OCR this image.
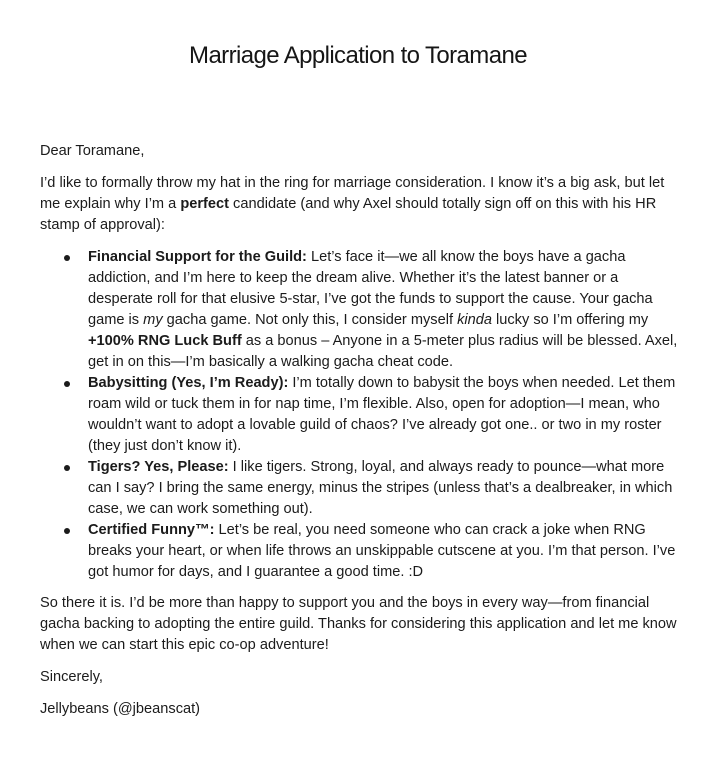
Marriage Application to Toramane

Dear Toramane,

I’d like to formally throw my hat in the ring for marriage consideration. I know it’s a big ask, but let me explain why I’m a perfect candidate (and why Axel should totally sign off on this with his HR stamp of approval):

Financial Support for the Guild: Let’s face it—we all know the boys have a gacha addiction, and I’m here to keep the dream alive. Whether it’s the latest banner or a desperate roll for that elusive 5-star, I’ve got the funds to support the cause. Your gacha game is my gacha game. Not only this, I consider myself kinda lucky so I’m offering my +100% RNG Luck Buff as a bonus – Anyone in a 5-meter plus radius will be blessed. Axel, get in on this—I’m basically a walking gacha cheat code.
Babysitting (Yes, I’m Ready): I’m totally down to babysit the boys when needed. Let them roam wild or tuck them in for nap time, I’m flexible. Also, open for adoption—I mean, who wouldn’t want to adopt a lovable guild of chaos? I’ve already got one.. or two in my roster (they just don’t know it).
Tigers? Yes, Please: I like tigers. Strong, loyal, and always ready to pounce—what more can I say? I bring the same energy, minus the stripes (unless that’s a dealbreaker, in which case, we can work something out).
Certified Funny™: Let’s be real, you need someone who can crack a joke when RNG breaks your heart, or when life throws an unskippable cutscene at you. I’m that person. I’ve got humor for days, and I guarantee a good time. :D

So there it is. I’d be more than happy to support you and the boys in every way—from financial gacha backing to adopting the entire guild. Thanks for considering this application and let me know when we can start this epic co-op adventure!

Sincerely,

Jellybeans (@jbeanscat)
